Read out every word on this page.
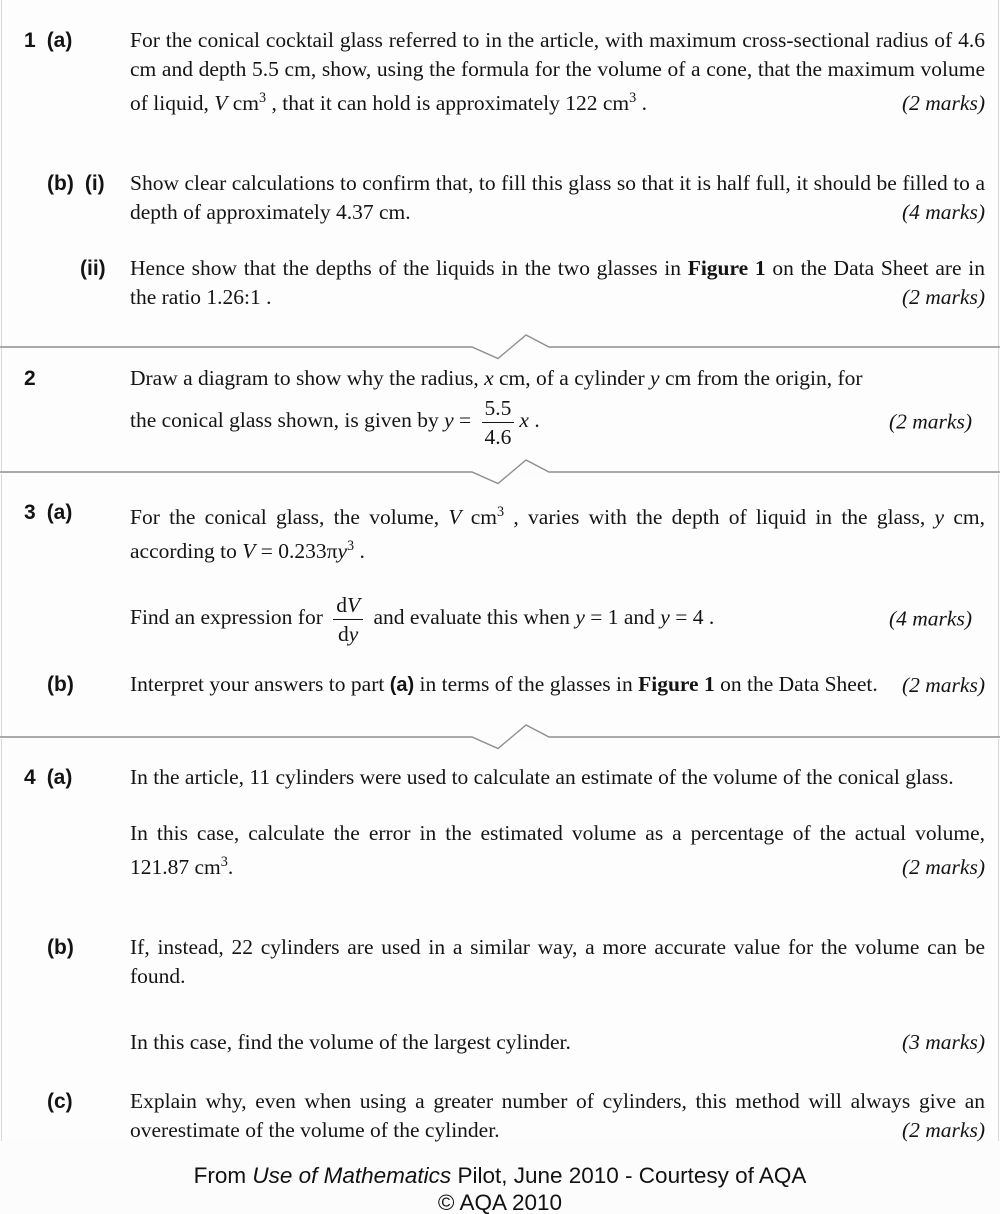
1 (a)	For the conical cocktail glass referred to in the article, with maximum cross-sectional radius of 4.6 cm and depth 5.5 cm, show, using the formula for the volume of a cone, that the maximum volume of liquid, V $cm^3$ , that it can hold is approximately 122 $cm^3$ .	(2 marks)
(b) (i) Show clear calculations to confirm that, to fill this glass so that it is half full, it should be filled to a depth of approximately 4.37 cm.	(4 marks)
(ii) Hence show that the depths of the liquids in the two glasses in Figure 1 on the Data Sheet are in the ratio 1.26:1 .	(2 marks)
2	Draw a diagram to show why the radius, x cm, of a cylinder y cm from the origin, for
the conical glass shown, is given by $y = \frac{5.5}{4.6}$ x .	(2 marks)
3 (a)	For the conical glass, the volume, V $cm^3$ , varies with the depth of liquid in the glass, y cm, according to $V = 0.233\pi y^3$ .
Find an expression for $\frac{dV}{dy}$ and evaluate this when y = 1 and y = 4 .	(4 marks)
(b)	Interpret your answers to part (a) in terms of the glasses in Figure 1 on the Data Sheet.	(2 marks)
4 (a)	In the article, 11 cylinders were used to calculate an estimate of the volume of the conical glass.

In this case, calculate the error in the estimated volume as a percentage of the actual volume, 121.87 $cm^3$.	(2 marks)
(b)	If, instead, 22 cylinders are used in a similar way, a more accurate value for the volume can be found.

In this case, find the volume of the largest cylinder.	(3 marks)
(c)	Explain why, even when using a greater number of cylinders, this method will always give an overestimate of the volume of the cylinder.	(2 marks)
From Use of Mathematics Pilot, June 2010 - Courtesy of AQA
© AQA 2010
